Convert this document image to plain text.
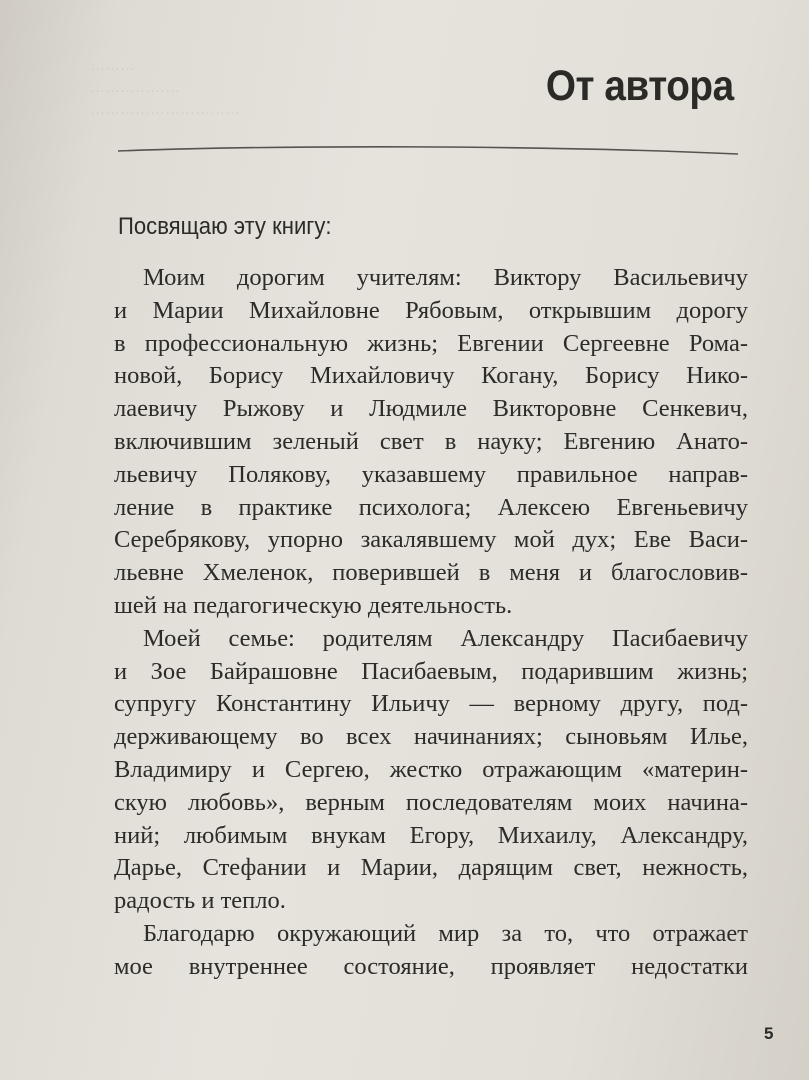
………
………………
…………………………	От автора

Посвящаю эту книгу:

Моим дорогим учителям: Виктору Васильевичу
и Марии Михайловне Рябовым, открывшим дорогу
в профессиональную жизнь; Евгении Сергеевне Рома-
новой, Борису Михайловичу Когану, Борису Нико-
лаевичу Рыжову и Людмиле Викторовне Сенкевич,
включившим зеленый свет в науку; Евгению Анато-
льевичу Полякову, указавшему правильное направ-
ление в практике психолога; Алексею Евгеньевичу
Серебрякову, упорно закалявшему мой дух; Еве Васи-
льевне Хмеленок, поверившей в меня и благословив-
шей на педагогическую деятельность.
Моей семье: родителям Александру Пасибаевичу
и Зое Байрашовне Пасибаевым, подарившим жизнь;
супругу Константину Ильичу — верному другу, под-
держивающему во всех начинаниях; сыновьям Илье,
Владимиру и Сергею, жестко отражающим «материн-
скую любовь», верным последователям моих начина-
ний; любимым внукам Егору, Михаилу, Александру,
Дарье, Стефании и Марии, дарящим свет, нежность,
радость и тепло.
Благодарю окружающий мир за то, что отражает
мое внутреннее состояние, проявляет недостатки
5
